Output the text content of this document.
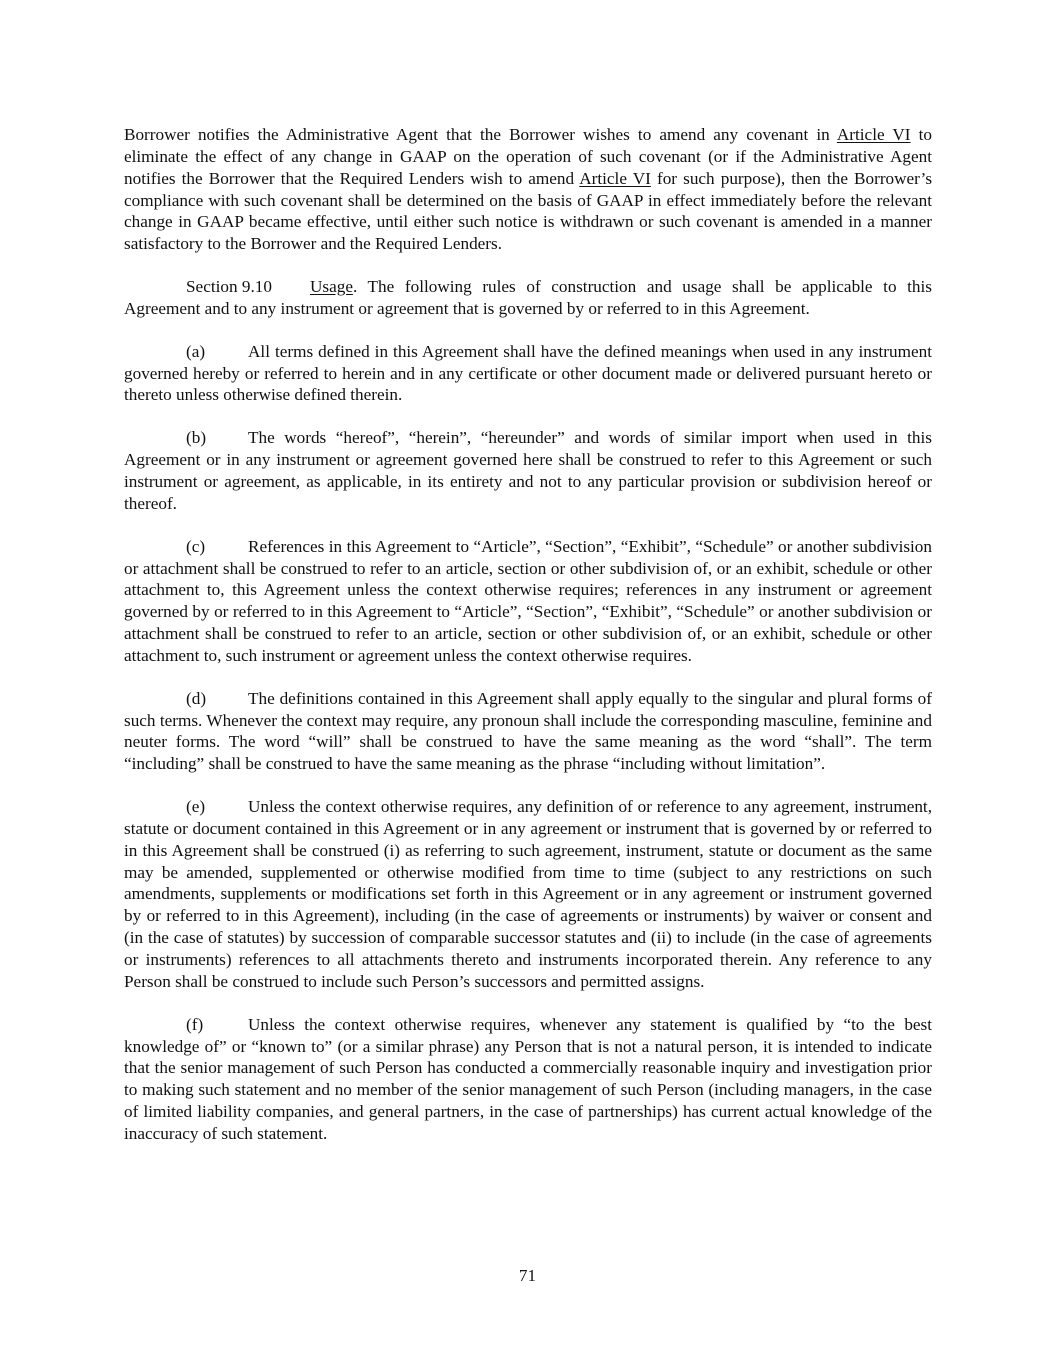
Borrower notifies the Administrative Agent that the Borrower wishes to amend any covenant in Article VI to eliminate the effect of any change in GAAP on the operation of such covenant (or if the Administrative Agent notifies the Borrower that the Required Lenders wish to amend Article VI for such purpose), then the Borrower’s compliance with such covenant shall be determined on the basis of GAAP in effect immediately before the relevant change in GAAP became effective, until either such notice is withdrawn or such covenant is amended in a manner satisfactory to the Borrower and the Required Lenders.

Section 9.10 Usage. The following rules of construction and usage shall be applicable to this Agreement and to any instrument or agreement that is governed by or referred to in this Agreement.

(a) All terms defined in this Agreement shall have the defined meanings when used in any instrument governed hereby or referred to herein and in any certificate or other document made or delivered pursuant hereto or thereto unless otherwise defined therein.

(b) The words “hereof”, “herein”, “hereunder” and words of similar import when used in this Agreement or in any instrument or agreement governed here shall be construed to refer to this Agreement or such instrument or agreement, as applicable, in its entirety and not to any particular provision or subdivision hereof or thereof.

(c) References in this Agreement to “Article”, “Section”, “Exhibit”, “Schedule” or another subdivision or attachment shall be construed to refer to an article, section or other subdivision of, or an exhibit, schedule or other attachment to, this Agreement unless the context otherwise requires; references in any instrument or agreement governed by or referred to in this Agreement to “Article”, “Section”, “Exhibit”, “Schedule” or another subdivision or attachment shall be construed to refer to an article, section or other subdivision of, or an exhibit, schedule or other attachment to, such instrument or agreement unless the context otherwise requires.

(d) The definitions contained in this Agreement shall apply equally to the singular and plural forms of such terms. Whenever the context may require, any pronoun shall include the corresponding masculine, feminine and neuter forms. The word “will” shall be construed to have the same meaning as the word “shall”. The term “including” shall be construed to have the same meaning as the phrase “including without limitation”.

(e) Unless the context otherwise requires, any definition of or reference to any agreement, instrument, statute or document contained in this Agreement or in any agreement or instrument that is governed by or referred to in this Agreement shall be construed (i) as referring to such agreement, instrument, statute or document as the same may be amended, supplemented or otherwise modified from time to time (subject to any restrictions on such amendments, supplements or modifications set forth in this Agreement or in any agreement or instrument governed by or referred to in this Agreement), including (in the case of agreements or instruments) by waiver or consent and (in the case of statutes) by succession of comparable successor statutes and (ii) to include (in the case of agreements or instruments) references to all attachments thereto and instruments incorporated therein. Any reference to any Person shall be construed to include such Person’s successors and permitted assigns.

(f)	Unless the context otherwise requires, whenever any statement is qualified by “to the best knowledge of” or “known to” (or a similar phrase) any Person that is not a natural person, it is intended to indicate that the senior management of such Person has conducted a commercially reasonable inquiry and investigation prior to making such statement and no member of the senior management of such Person (including managers, in the case of limited liability companies, and general partners, in the case of partnerships) has current actual knowledge of the inaccuracy of such statement.

71
